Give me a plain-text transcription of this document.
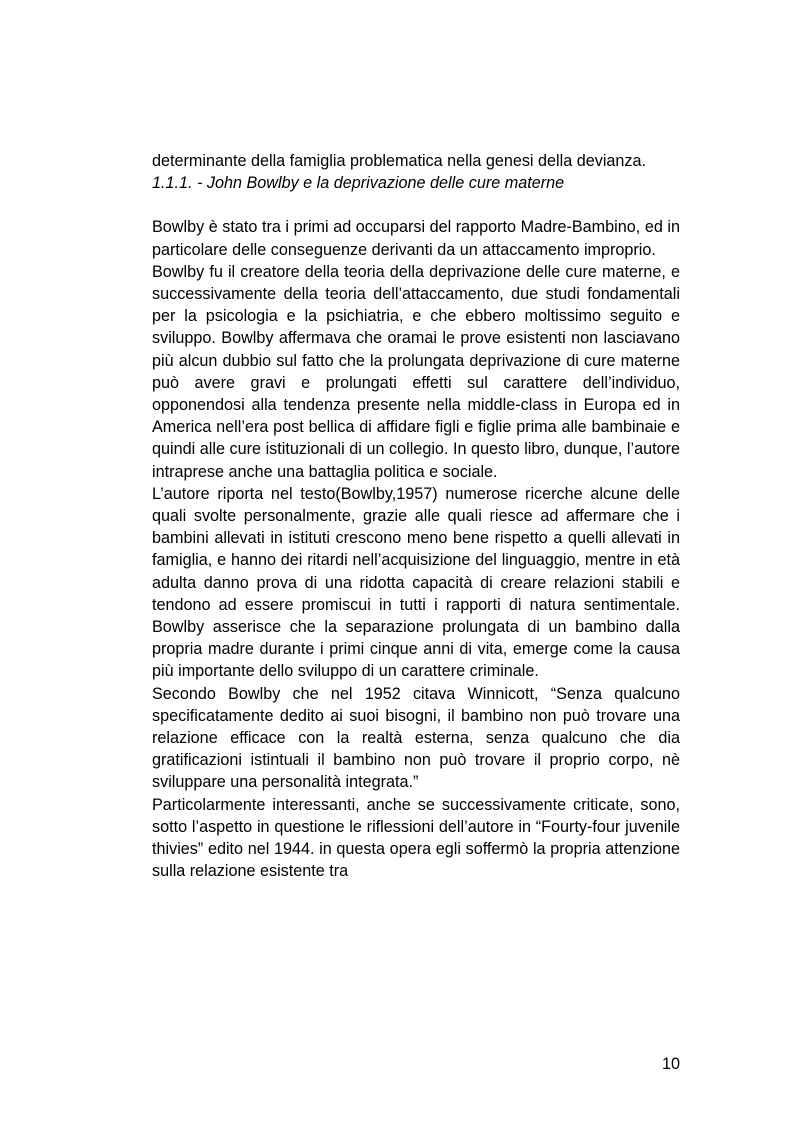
determinante della famiglia problematica nella genesi della devianza.

1.1.1. - John Bowlby e la deprivazione delle cure materne

Bowlby è stato tra i primi ad occuparsi del rapporto Madre-Bambino, ed in particolare delle conseguenze derivanti da un attaccamento improprio.

Bowlby fu il creatore della teoria della deprivazione delle cure materne, e successivamente della teoria dell’attaccamento, due studi fondamentali per la psicologia e la psichiatria, e che ebbero moltissimo seguito e sviluppo. Bowlby affermava che oramai le prove esistenti non lasciavano più alcun dubbio sul fatto che la prolungata deprivazione di cure materne può avere gravi e prolungati effetti sul carattere dell’individuo, opponendosi alla tendenza presente nella middle-class in Europa ed in America nell’era post bellica di affidare figli e figlie prima alle bambinaie e quindi alle cure istituzionali di un collegio. In questo libro, dunque, l’autore intraprese anche una battaglia politica e sociale.

L’autore riporta nel testo(Bowlby,1957) numerose ricerche alcune delle quali svolte personalmente, grazie alle quali riesce ad affermare che i bambini allevati in istituti crescono meno bene rispetto a quelli allevati in famiglia, e hanno dei ritardi nell’acquisizione del linguaggio, mentre in età adulta danno prova di una ridotta capacità di creare relazioni stabili e tendono ad essere promiscui in tutti i rapporti di natura sentimentale. Bowlby asserisce che la separazione prolungata di un bambino dalla propria madre durante i primi cinque anni di vita, emerge come la causa più importante dello sviluppo di un carattere criminale.

Secondo Bowlby che nel 1952 citava Winnicott, “Senza qualcuno specificatamente dedito ai suoi bisogni, il bambino non può trovare una relazione efficace con la realtà esterna, senza qualcuno che dia gratificazioni istintuali il bambino non può trovare il proprio corpo, nè sviluppare una personalità integrata.”

Particolarmente interessanti, anche se successivamente criticate, sono, sotto l’aspetto in questione le riflessioni dell’autore in “Fourty-four juvenile thivies” edito nel 1944. in questa opera egli soffermò la propria attenzione sulla relazione esistente tra

10
